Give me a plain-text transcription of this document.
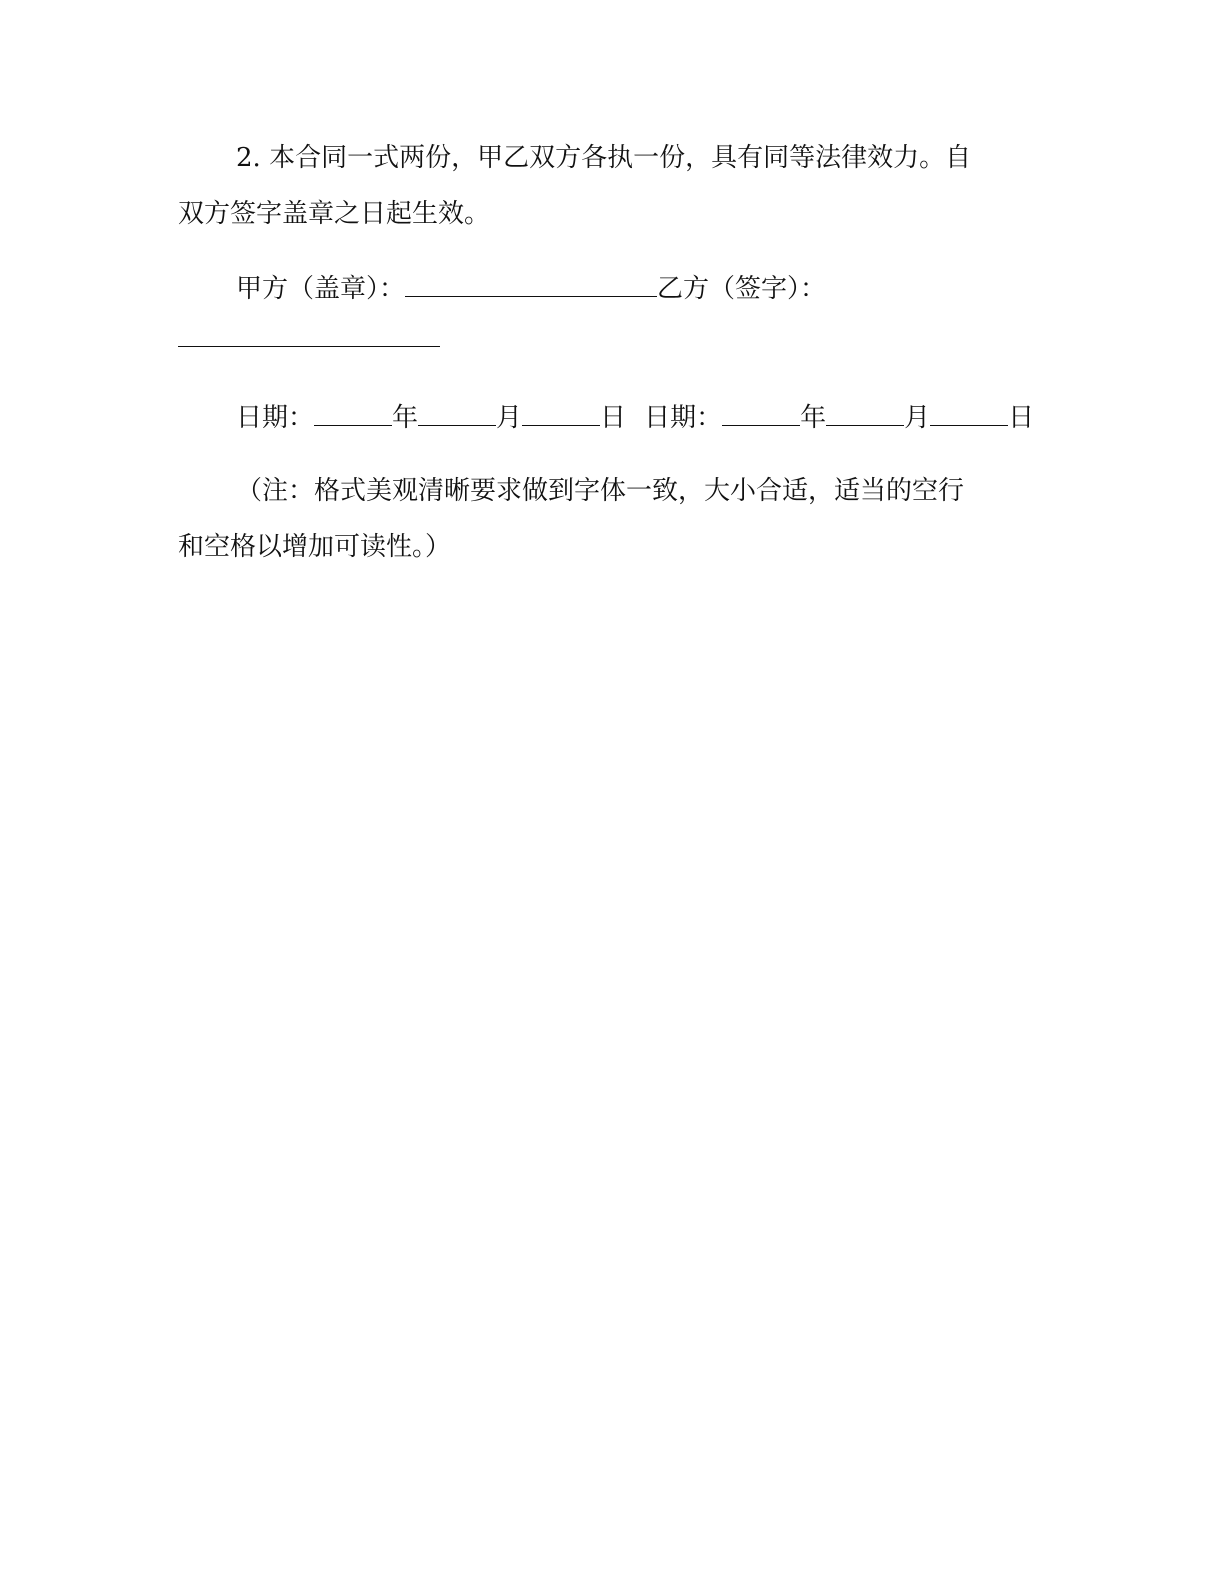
2. 本合同一式两份，甲乙双方各执一份，具有同等法律效力。自
双方签字盖章之日起生效。
甲方（盖章）：	乙方（签字）：
日期：	年	月	日 日期：	年	月	日
（注：格式美观清晰要求做到字体一致，大小合适，适当的空行
和空格以增加可读性。）
